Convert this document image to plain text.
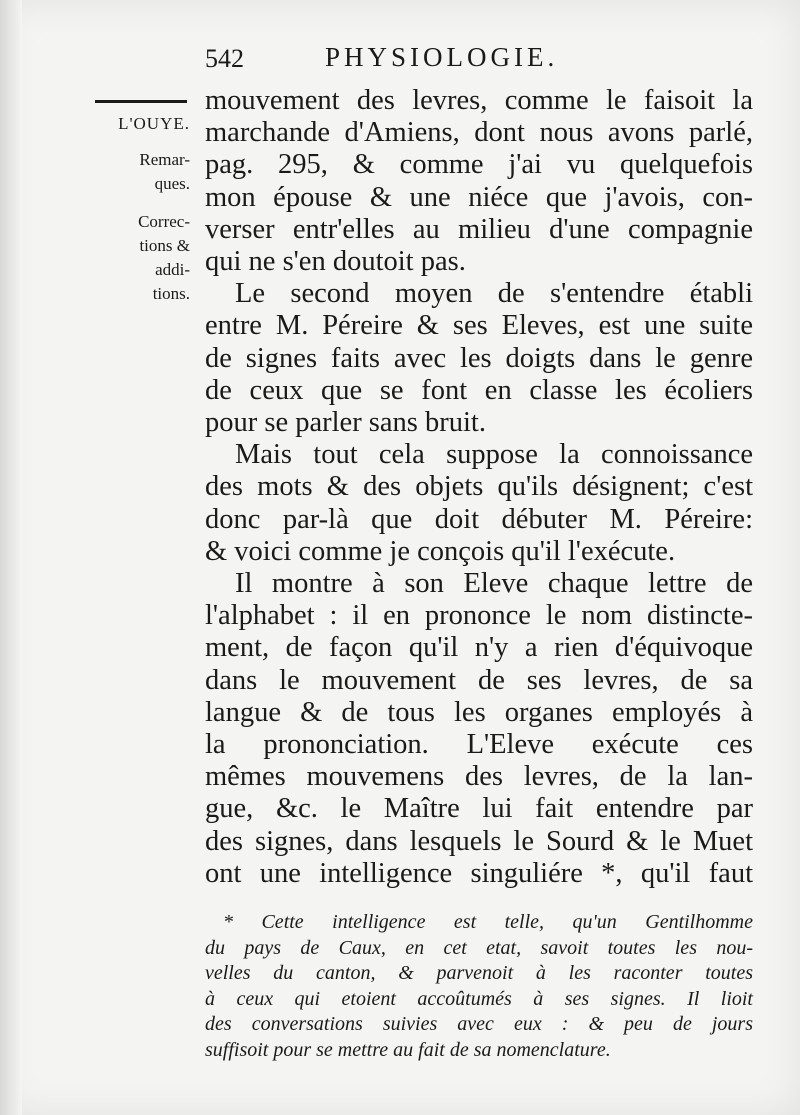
542	PHYSIOLOGIE.
L'OUYE.
Remar-
ques.
Correc-
tions &
addi-
tions.
mouvement des levres, comme le faisoit la
marchande d'Amiens, dont nous avons parlé,
pag. 295, & comme j'ai vu quelquefois
mon épouse & une niéce que j'avois, con-
verser entr'elles au milieu d'une compagnie
qui ne s'en doutoit pas.
Le second moyen de s'entendre établi
entre M. Péreire & ses Eleves, est une suite
de signes faits avec les doigts dans le genre
de ceux que se font en classe les écoliers
pour se parler sans bruit.
Mais tout cela suppose la connoissance
des mots & des objets qu'ils désignent; c'est
donc par-là que doit débuter M. Péreire:
& voici comme je conçois qu'il l'exécute.
Il montre à son Eleve chaque lettre de
l'alphabet : il en prononce le nom distincte-
ment, de façon qu'il n'y a rien d'équivoque
dans le mouvement de ses levres, de sa
langue & de tous les organes employés à
la prononciation. L'Eleve exécute ces
mêmes mouvemens des levres, de la lan-
gue, &c. le Maître lui fait entendre par
des signes, dans lesquels le Sourd & le Muet
ont une intelligence singuliére *, qu'il faut
* Cette intelligence est telle, qu'un Gentilhomme
du pays de Caux, en cet etat, savoit toutes les nou-
velles du canton, & parvenoit à les raconter toutes
à ceux qui etoient accoûtumés à ses signes. Il lioit
des conversations suivies avec eux : & peu de jours
suffisoit pour se mettre au fait de sa nomenclature.
